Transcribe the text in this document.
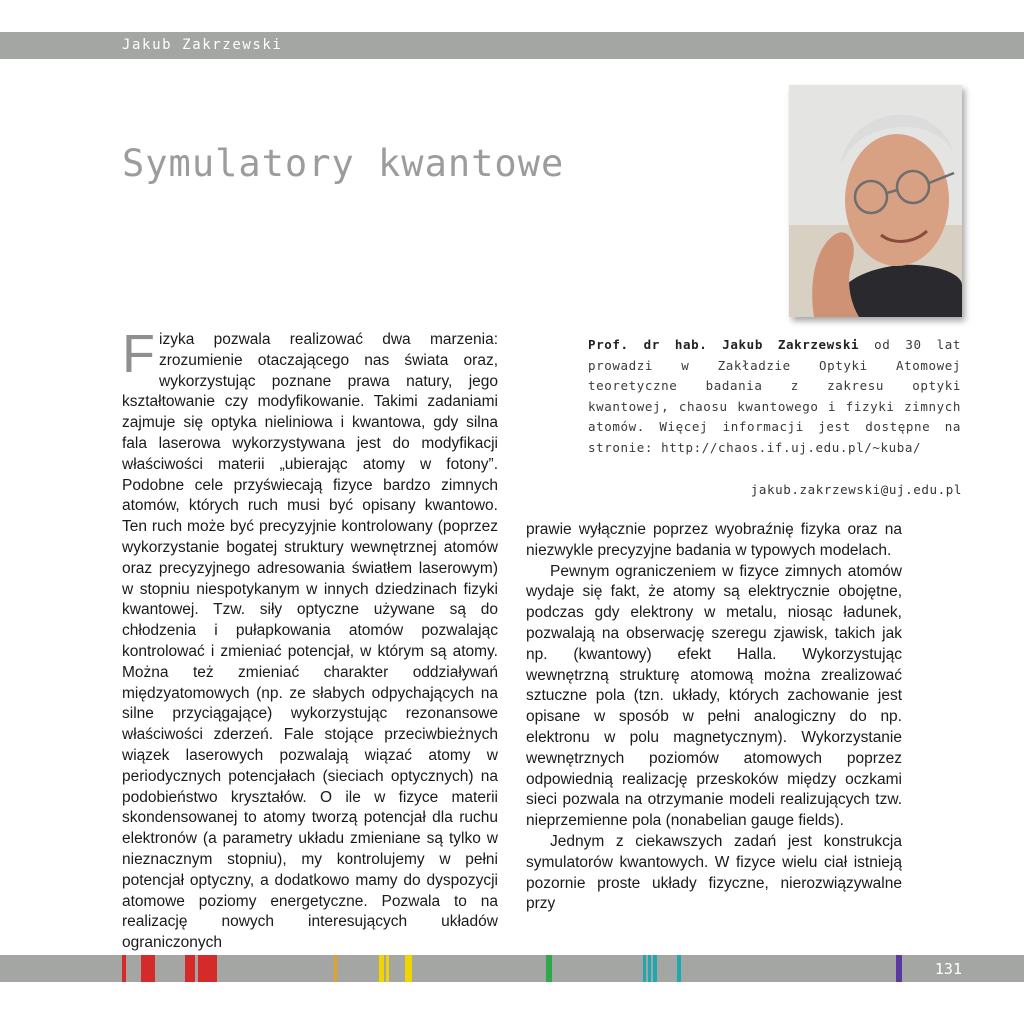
Jakub Zakrzewski
Symulatory kwantowe

Prof. dr hab. Jakub Zakrzewski od 30 lat prowadzi w Zakładzie Optyki Atomowej teoretyczne badania z zakresu optyki kwantowej, chaosu kwantowego i fizyki zimnych atomów. Więcej informacji jest dostępne na stronie: http://chaos.if.uj.edu.pl/~kuba/

jakub.zakrzewski@uj.edu.pl

Fizyka pozwala realizować dwa marzenia: zrozumienie otaczającego nas świata oraz, wykorzystując poznane prawa natury, jego kształtowanie czy modyfikowanie. Takimi zadaniami zajmuje się optyka nieliniowa i kwantowa, gdy silna fala laserowa wykorzystywana jest do modyfikacji właściwości materii „ubierając atomy w fotony”. Podobne cele przyświecają fizyce bardzo zimnych atomów, których ruch musi być opisany kwantowo. Ten ruch może być precyzyjnie kontrolowany (poprzez wykorzystanie bogatej struktury wewnętrznej atomów oraz precyzyjnego adresowania światłem laserowym) w stopniu niespotykanym w innych dziedzinach fizyki kwantowej. Tzw. siły optyczne używane są do chłodzenia i pułapkowania atomów pozwalając kontrolować i zmieniać potencjał, w którym są atomy. Można też zmieniać charakter oddziaływań międzyatomowych (np. ze słabych odpychających na silne przyciągające) wykorzystując rezonansowe właściwości zderzeń. Fale stojące przeciwbieżnych wiązek laserowych pozwalają wiązać atomy w periodycznych potencjałach (sieciach optycznych) na podobieństwo kryształów. O ile w fizyce materii skondensowanej to atomy tworzą potencjał dla ruchu elektronów (a parametry układu zmieniane są tylko w nieznacznym stopniu), my kontrolujemy w pełni potencjał optyczny, a dodatkowo mamy do dyspozycji atomowe poziomy energetyczne. Pozwala to na realizację nowych interesujących układów ograniczonych

prawie wyłącznie poprzez wyobraźnię fizyka oraz na niezwykle precyzyjne badania w typowych modelach.

Pewnym ograniczeniem w fizyce zimnych atomów wydaje się fakt, że atomy są elektrycznie obojętne, podczas gdy elektrony w metalu, niosąc ładunek, pozwalają na obserwację szeregu zjawisk, takich jak np. (kwantowy) efekt Halla. Wykorzystując wewnętrzną strukturę atomową można zrealizować sztuczne pola (tzn. układy, których zachowanie jest opisane w sposób w pełni analogiczny do np. elektronu w polu magnetycznym). Wykorzystanie wewnętrznych poziomów atomowych poprzez odpowiednią realizację przeskoków między oczkami sieci pozwala na otrzymanie modeli realizujących tzw. nieprzemienne pola (nonabelian gauge fields).

Jednym z ciekawszych zadań jest konstrukcja symulatorów kwantowych. W fizyce wielu ciał istnieją pozornie proste układy fizyczne, nierozwiązywalne przy

131
